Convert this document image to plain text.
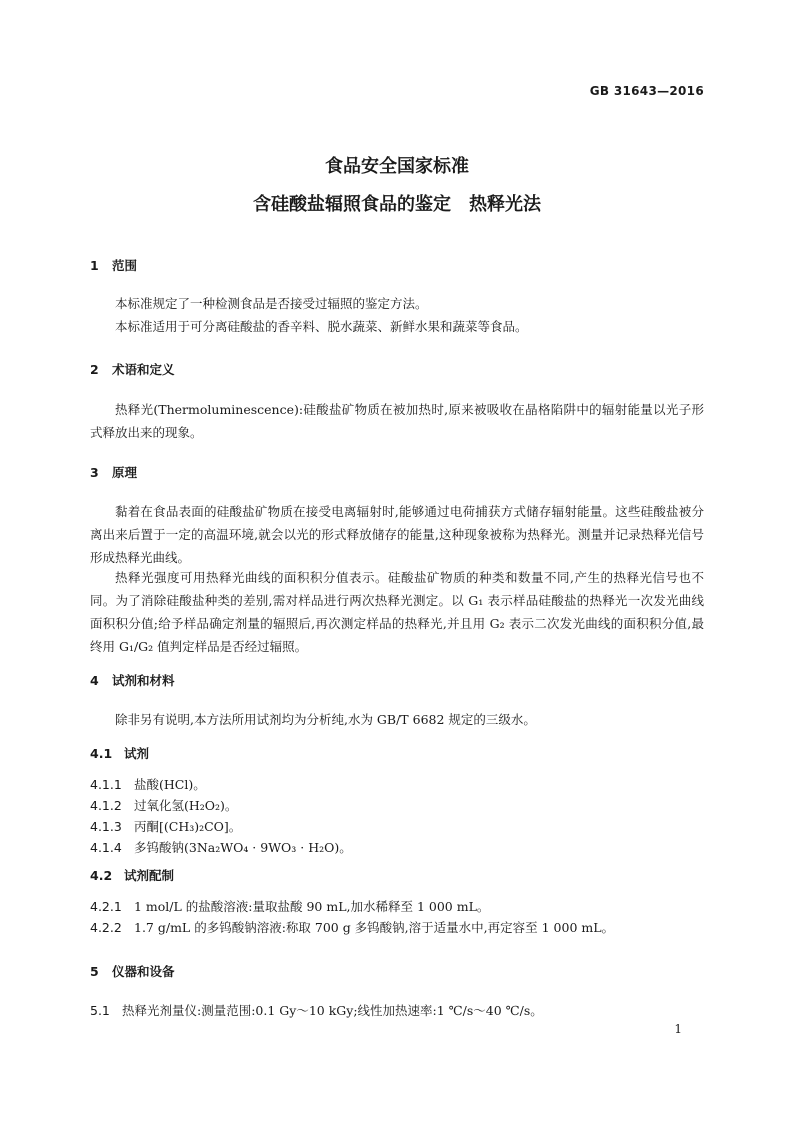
GB 31643—2016
食品安全国家标准
含硅酸盐辐照食品的鉴定　热释光法
1 范围
本标准规定了一种检测食品是否接受过辐照的鉴定方法。
本标准适用于可分离硅酸盐的香辛料、脱水蔬菜、新鲜水果和蔬菜等食品。
2 术语和定义
热释光(Thermoluminescence):硅酸盐矿物质在被加热时,原来被吸收在晶格陷阱中的辐射能量以光子形式释放出来的现象。
3 原理
黏着在食品表面的硅酸盐矿物质在接受电离辐射时,能够通过电荷捕获方式储存辐射能量。这些硅酸盐被分离出来后置于一定的高温环境,就会以光的形式释放储存的能量,这种现象被称为热释光。测量并记录热释光信号形成热释光曲线。
热释光强度可用热释光曲线的面积积分值表示。硅酸盐矿物质的种类和数量不同,产生的热释光信号也不同。为了消除硅酸盐种类的差别,需对样品进行两次热释光测定。以 G₁ 表示样品硅酸盐的热释光一次发光曲线面积积分值;给予样品确定剂量的辐照后,再次测定样品的热释光,并且用 G₂ 表示二次发光曲线的面积积分值,最终用 G₁/G₂ 值判定样品是否经过辐照。
4 试剂和材料
除非另有说明,本方法所用试剂均为分析纯,水为 GB/T 6682 规定的三级水。
4.1 试剂
4.1.1 盐酸(HCl)。
4.1.2 过氧化氢(H₂O₂)。
4.1.3 丙酮[(CH₃)₂CO]。
4.1.4 多钨酸钠(3Na₂WO₄ · 9WO₃ · H₂O)。
4.2 试剂配制
4.2.1 1 mol/L 的盐酸溶液:量取盐酸 90 mL,加水稀释至 1 000 mL。
4.2.2 1.7 g/mL 的多钨酸钠溶液:称取 700 g 多钨酸钠,溶于适量水中,再定容至 1 000 mL。
5 仪器和设备
5.1 热释光剂量仪:测量范围:0.1 Gy～10 kGy;线性加热速率:1 ℃/s～40 ℃/s。
1
